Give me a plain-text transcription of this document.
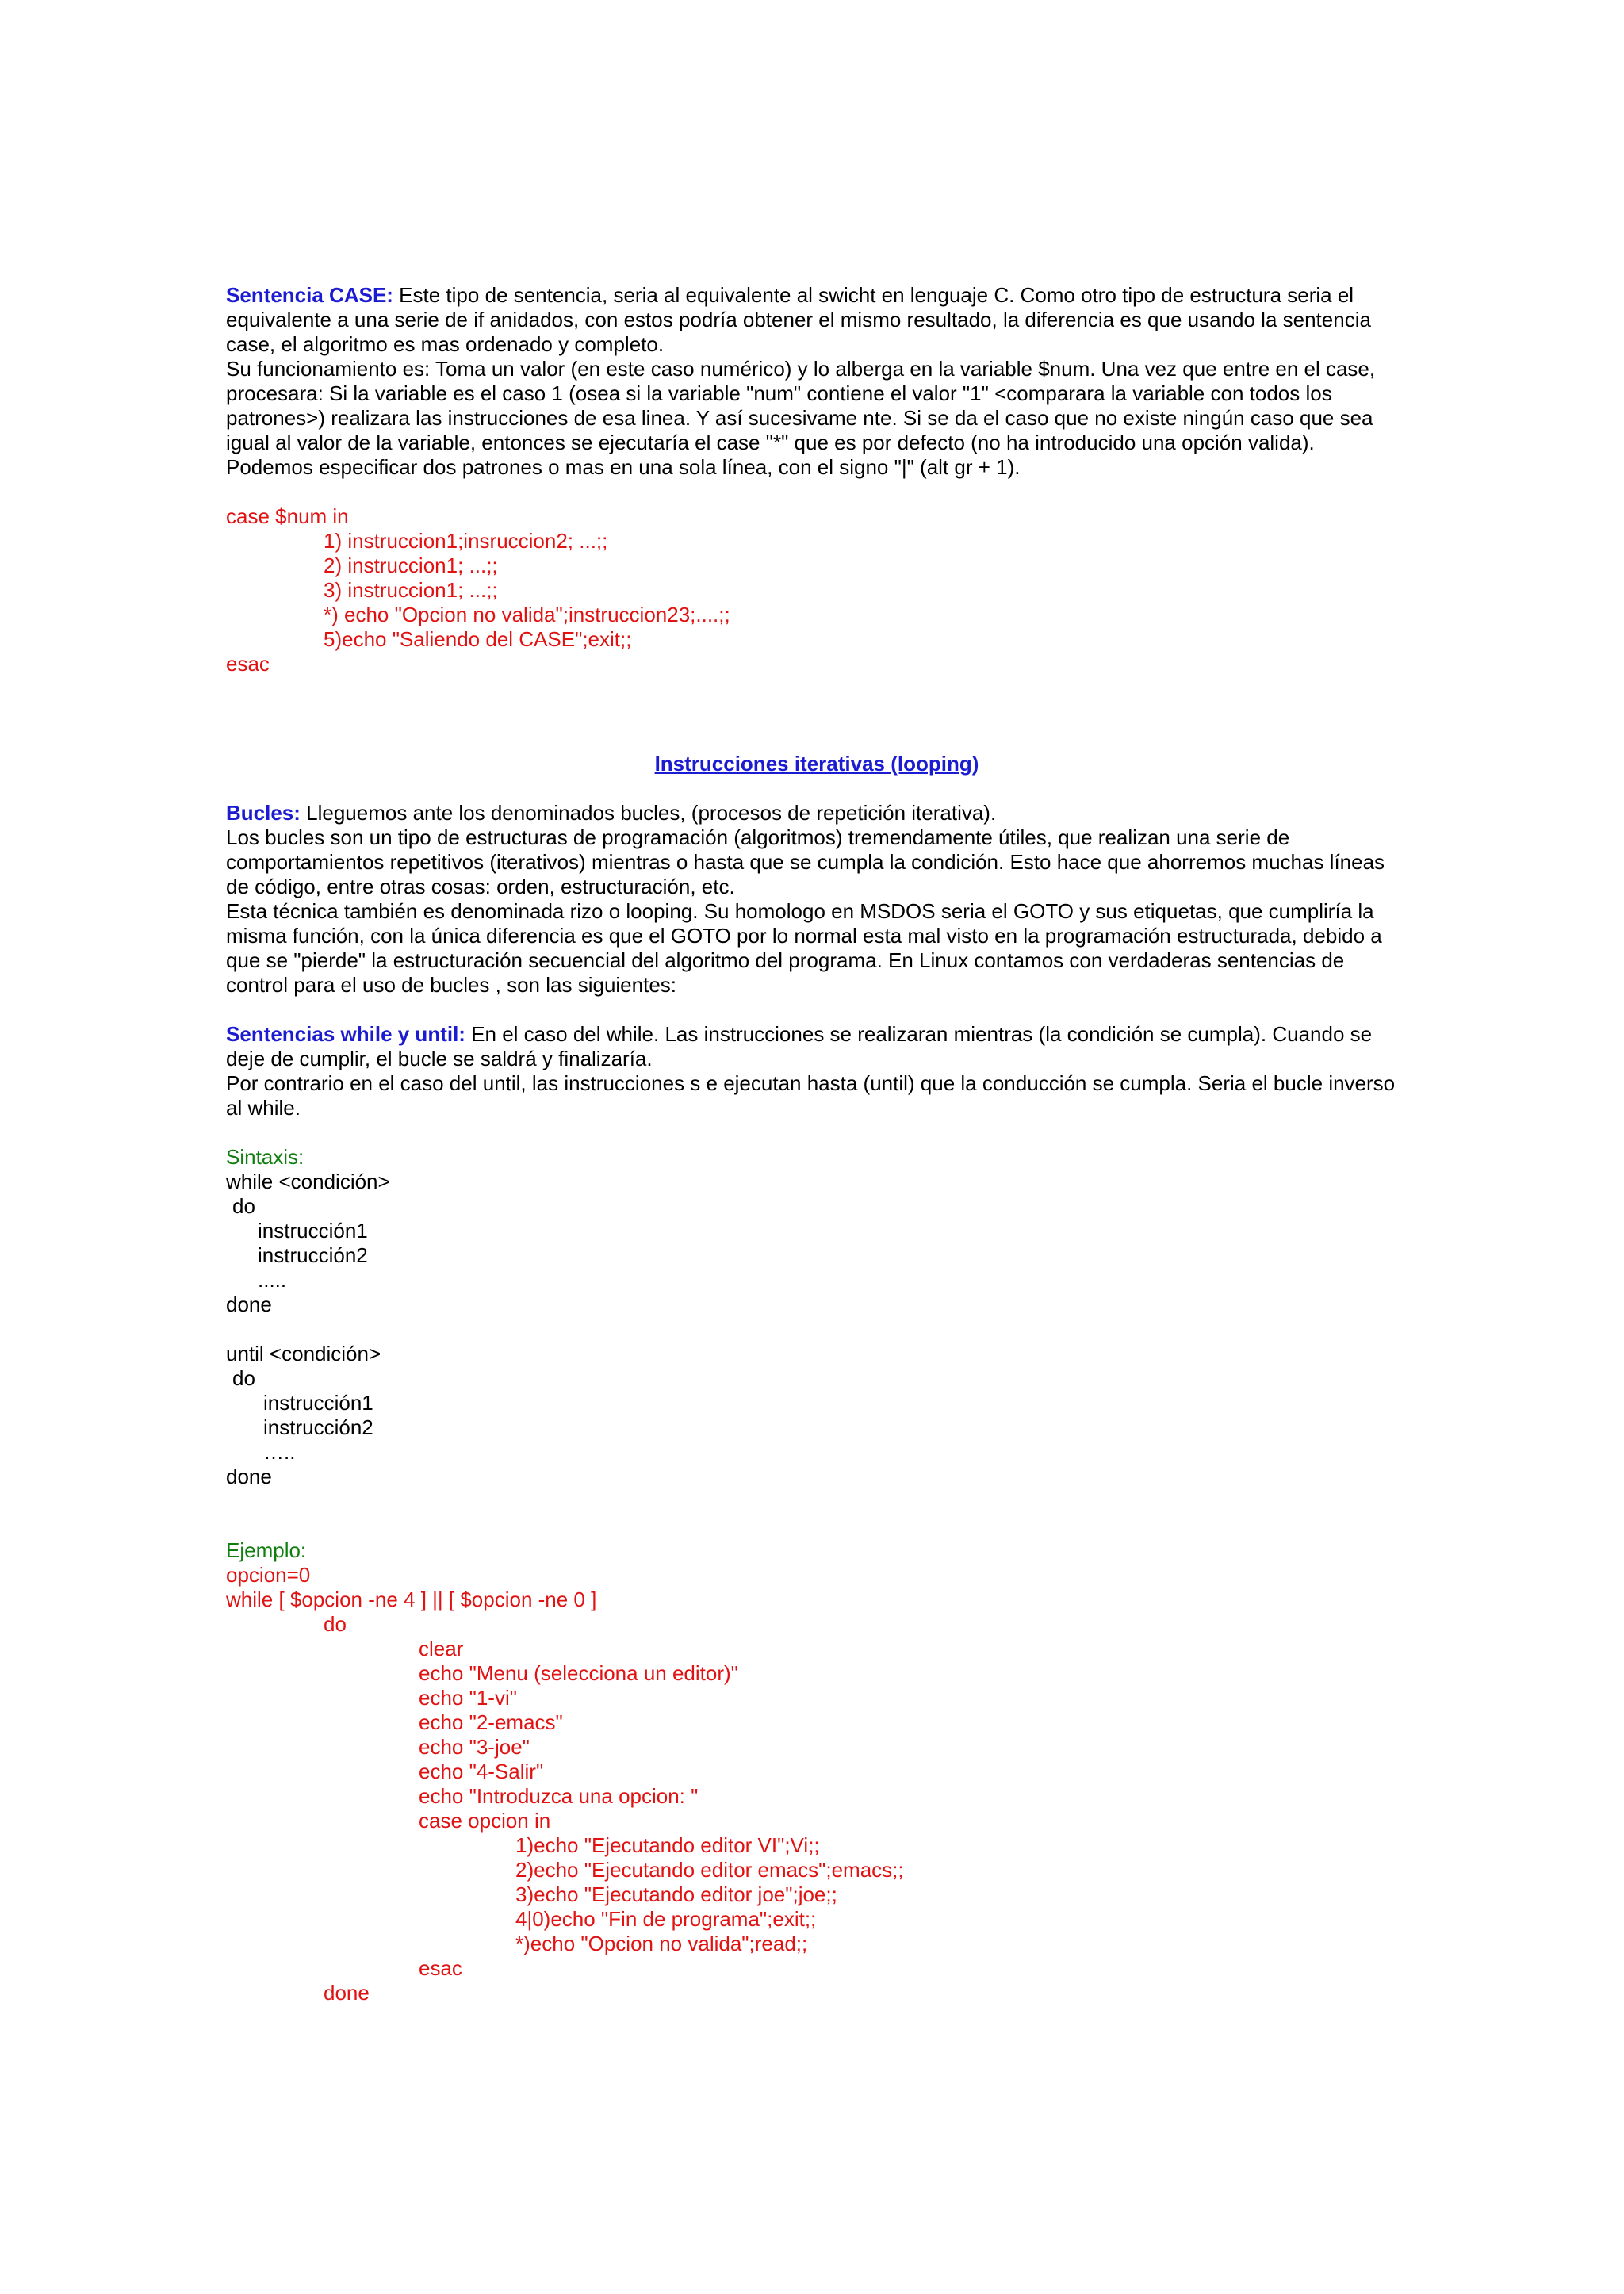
Sentencia CASE: Este tipo de sentencia, seria al equivalente al swicht en lenguaje C. Como otro tipo de estructura seria el equivalente a una serie de if anidados, con estos podría obtener el mismo resultado, la diferencia es que usando la sentencia case, el algoritmo es mas ordenado y completo.

Su funcionamiento es: Toma un valor (en este caso numérico) y lo alberga en la variable $num. Una vez que entre en el case, procesara: Si la variable es el caso 1 (osea si la variable "num" contiene el valor "1" <comparara la variable con todos los patrones>) realizara las instrucciones de esa linea. Y así sucesivame nte. Si se da el caso que no existe ningún caso que sea igual al valor de la variable, entonces se ejecutaría el case "*" que es por defecto (no ha introducido una opción valida).

Podemos especificar dos patrones o mas en una sola línea, con el signo "|" (alt gr + 1).

case $num in

1) instruccion1;insruccion2; ...;;

2) instruccion1; ...;;

3) instruccion1; ...;;

*) echo "Opcion no valida";instruccion23;....;;

5)echo "Saliendo del CASE";exit;;

esac

Instrucciones iterativas (looping)

Bucles: Lleguemos ante los denominados bucles, (procesos de repetición iterativa).

Los bucles son un tipo de estructuras de programación (algoritmos) tremendamente útiles, que realizan una serie de comportamientos repetitivos (iterativos) mientras o hasta que se cumpla la condición. Esto hace que ahorremos muchas líneas de código, entre otras cosas: orden, estructuración, etc.

Esta técnica también es denominada rizo o looping. Su homologo en MSDOS seria el GOTO y sus etiquetas, que cumpliría la misma función, con la única diferencia es que el GOTO por lo normal esta mal visto en la programación estructurada, debido a que se "pierde" la estructuración secuencial del algoritmo del programa. En Linux contamos con verdaderas sentencias de control para el uso de bucles , son las siguientes:

Sentencias while y until: En el caso del while. Las instrucciones se realizaran mientras (la condición se cumpla). Cuando se deje de cumplir, el bucle se saldrá y finalizaría.

Por contrario en el caso del until, las instrucciones s e ejecutan hasta (until) que la conducción se cumpla. Seria el bucle inverso al while.

Sintaxis:

while <condición>

do

instrucción1

instrucción2

.....

done

until <condición>

do

instrucción1

instrucción2

…..

done

Ejemplo:

opcion=0

while [ $opcion -ne 4 ] || [ $opcion -ne 0 ]

do

clear

echo "Menu (selecciona un editor)"

echo "1-vi"

echo "2-emacs"

echo "3-joe"

echo "4-Salir"

echo "Introduzca una opcion: "

case opcion in

1)echo "Ejecutando editor VI";Vi;;

2)echo "Ejecutando editor emacs";emacs;;

3)echo "Ejecutando editor joe";joe;;

4|0)echo "Fin de programa";exit;;

*)echo "Opcion no valida";read;;

esac

done
